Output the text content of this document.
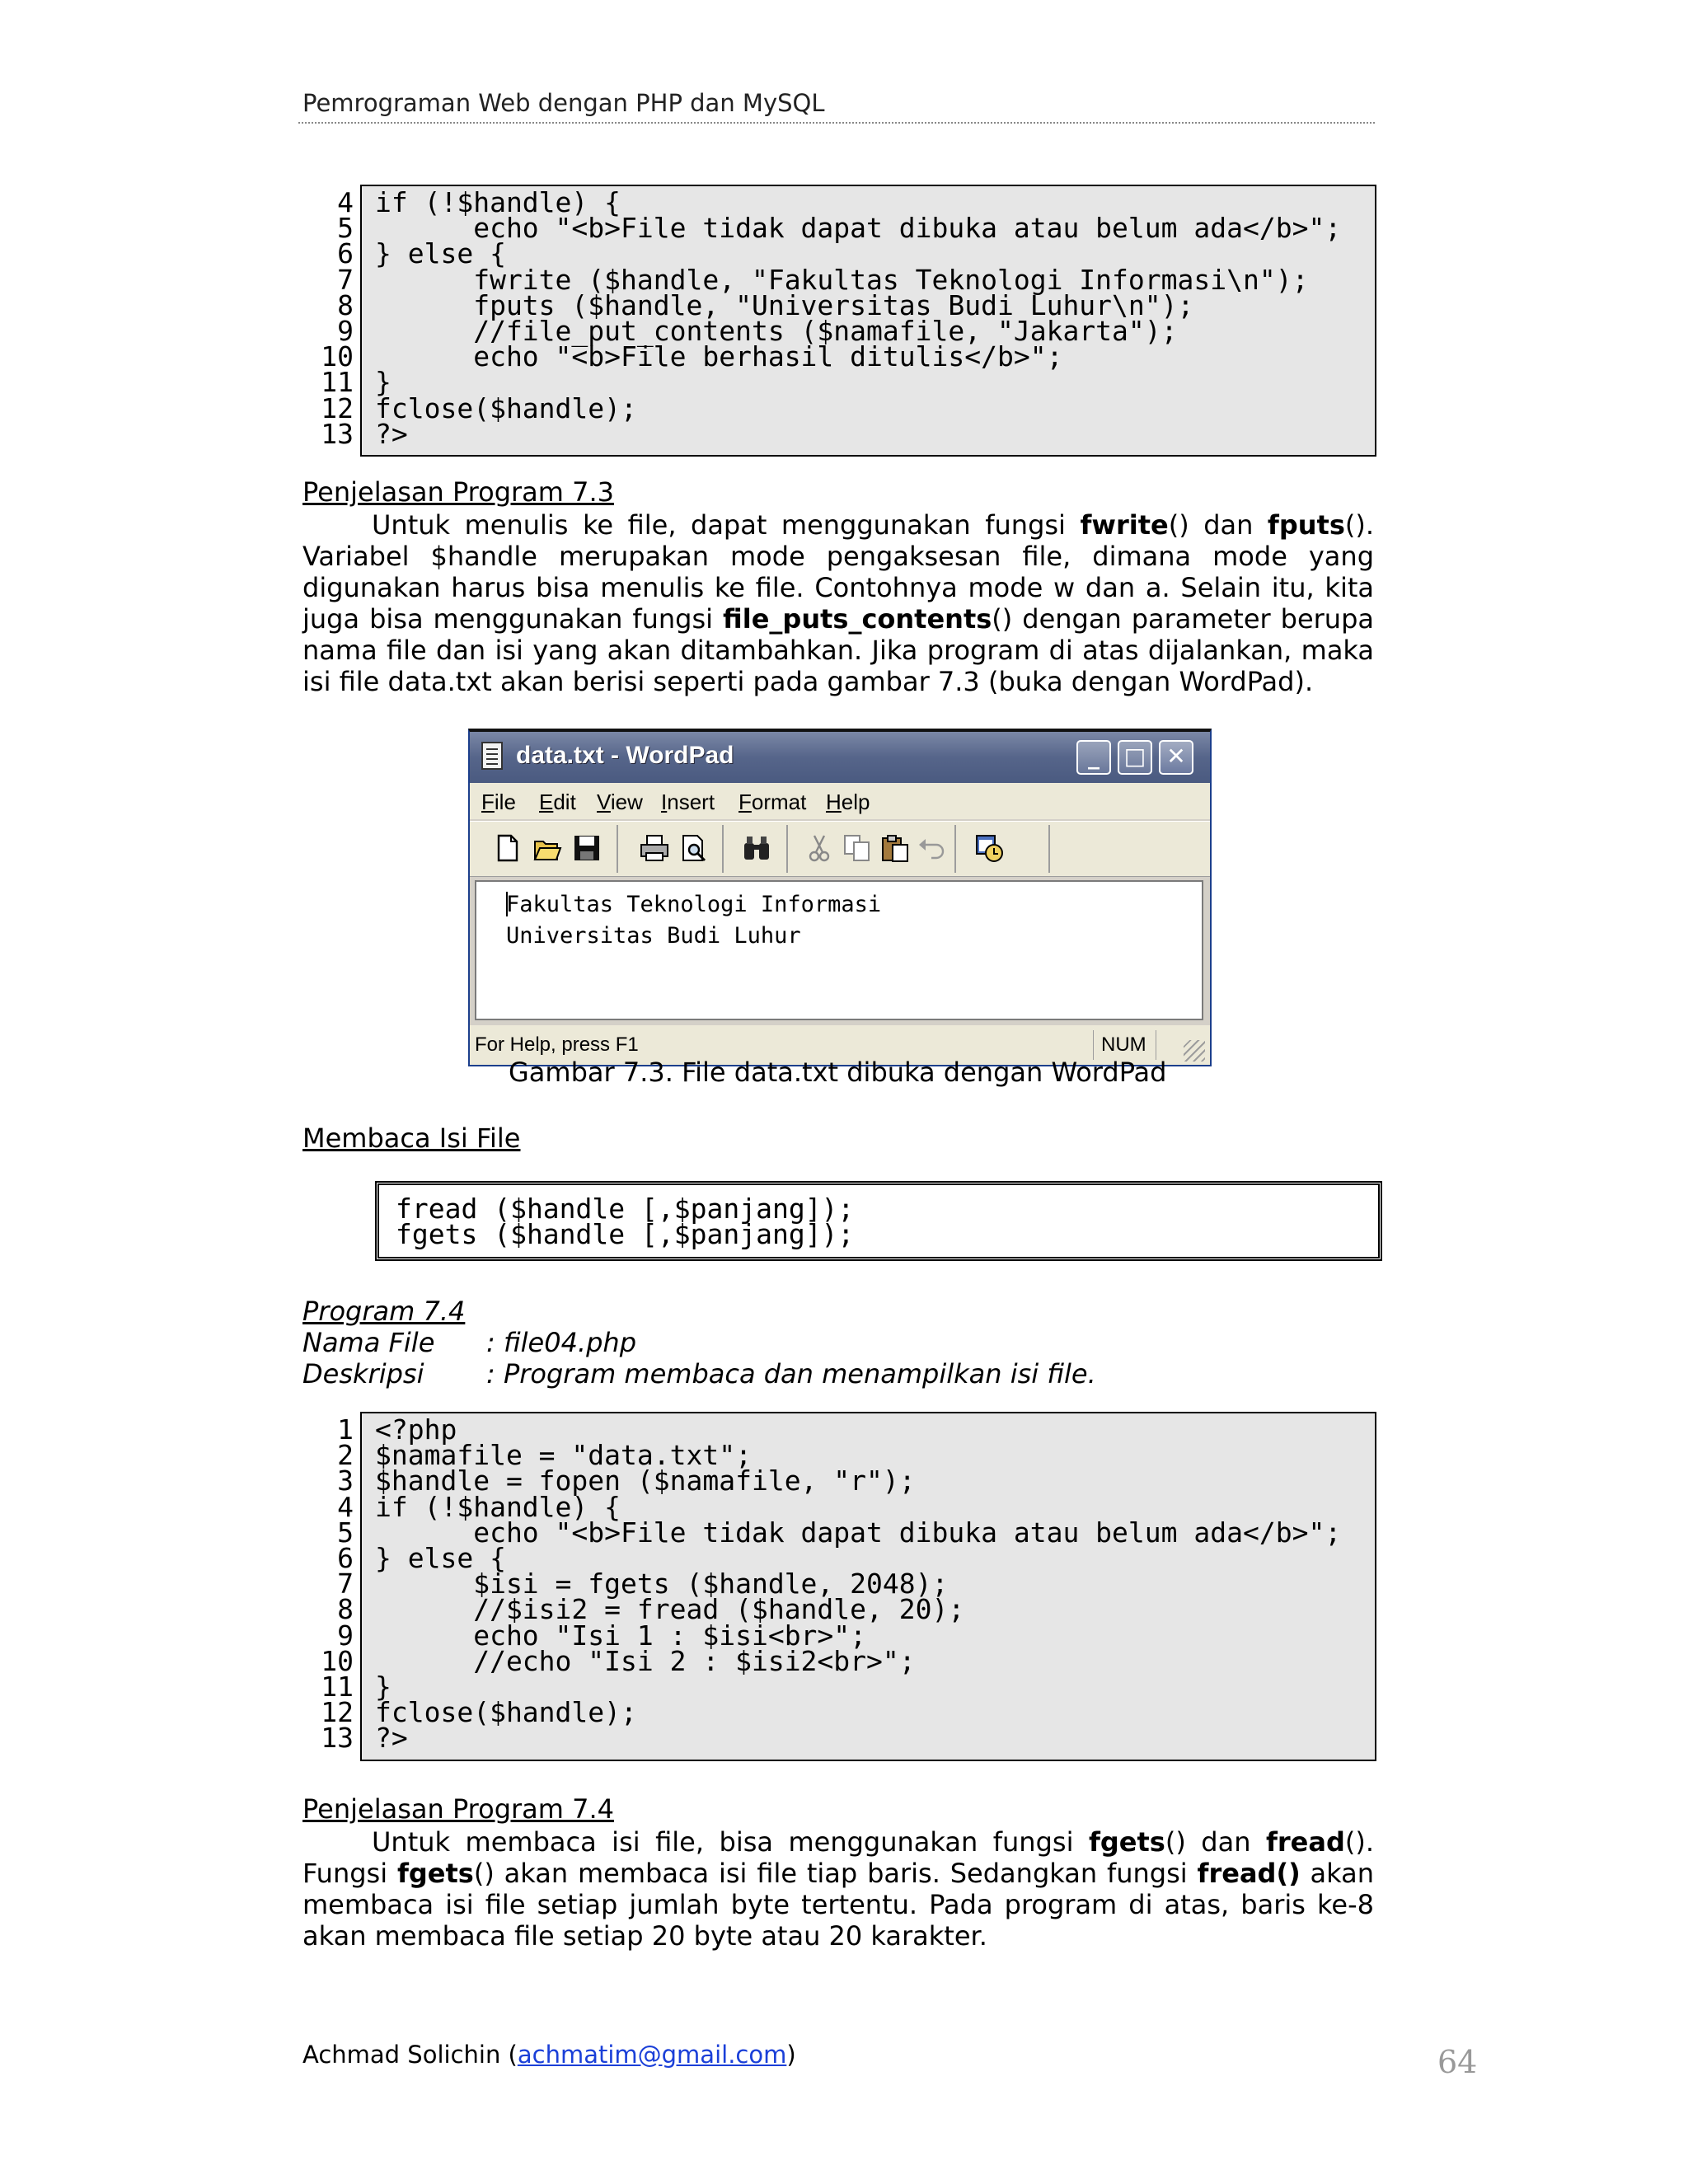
Pemrograman Web dengan PHP dan MySQL
4
5
6
7
8
9
10
11
12
13
if (!$handle) {
echo "<b>File tidak dapat dibuka atau belum ada</b>";
} else {
fwrite ($handle, "Fakultas Teknologi Informasi\n");
fputs ($handle, "Universitas Budi Luhur\n");
//file_put_contents ($namafile, "Jakarta");
echo "<b>File berhasil ditulis</b>";
}
fclose($handle);
?>
Penjelasan Program 7.3
Untuk menulis ke file, dapat menggunakan fungsi fwrite() dan fputs().
Variabel $handle merupakan mode pengaksesan file, dimana mode yang
digunakan harus bisa menulis ke file. Contohnya mode w dan a. Selain itu, kita
juga bisa menggunakan fungsi file_puts_contents() dengan parameter berupa
nama file dan isi yang akan ditambahkan. Jika program di atas dijalankan, maka
isi file data.txt akan berisi seperti pada gambar 7.3 (buka dengan WordPad).
data.txt - WordPad	_	□ ✕
File Edit View Insert Format Help
Fakultas Teknologi Informasi
Universitas Budi Luhur
For Help, press F1	NUM
Gambar 7.3. File data.txt dibuka dengan WordPad
Membaca Isi File
fread ($handle [,$panjang]);
fgets ($handle [,$panjang]);
Program 7.4
Nama File : file04.php
Deskripsi : Program membaca dan menampilkan isi file.
1
2
3
4
5
6
7
8
9
10
11
12
13
<?php
$namafile = "data.txt";
$handle = fopen ($namafile, "r");
if (!$handle) {
echo "<b>File tidak dapat dibuka atau belum ada</b>";
} else {
$isi = fgets ($handle, 2048);
//$isi2 = fread ($handle, 20);
echo "Isi 1 : $isi<br>";
//echo "Isi 2 : $isi2<br>";
}
fclose($handle);
?>
Penjelasan Program 7.4
Untuk membaca isi file, bisa menggunakan fungsi fgets() dan fread().
Fungsi fgets() akan membaca isi file tiap baris. Sedangkan fungsi fread() akan
membaca isi file setiap jumlah byte tertentu. Pada program di atas, baris ke-8
akan membaca file setiap 20 byte atau 20 karakter.
Achmad Solichin (achmatim@gmail.com)	64
